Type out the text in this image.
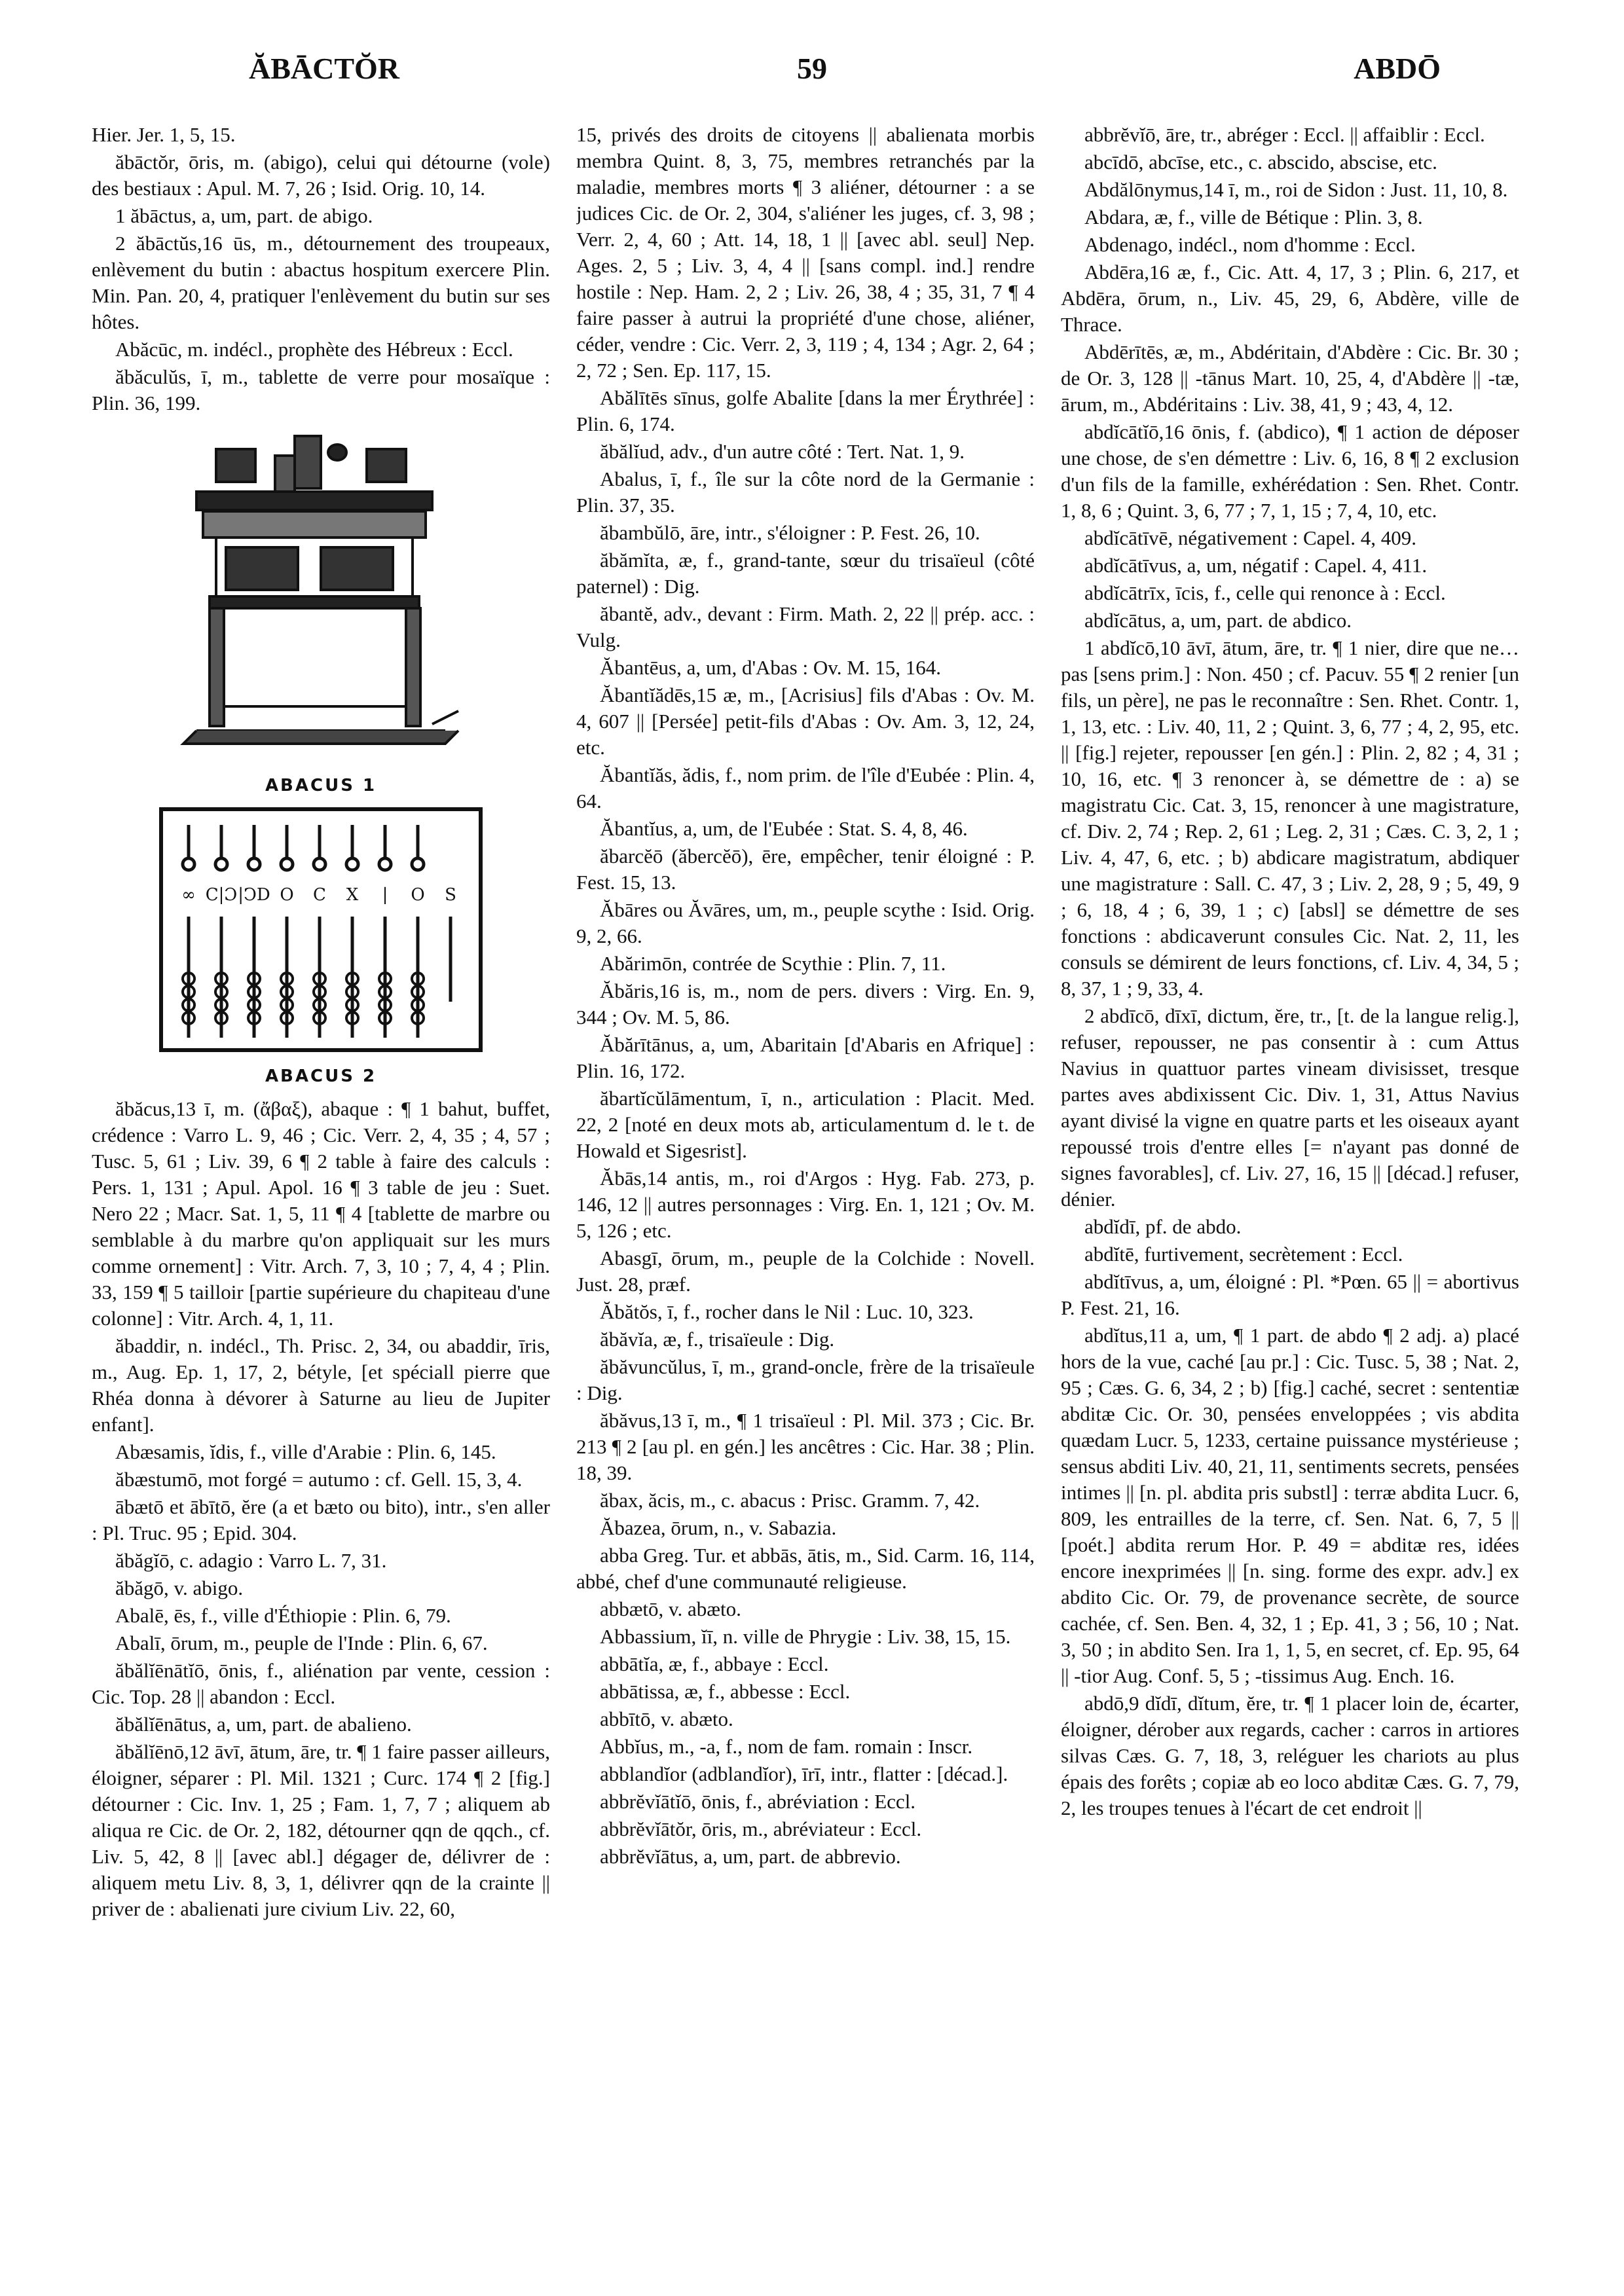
ĂBĀCTŎR	59	ABDŌ

Hier. Jer. 1, 5, 15.

ăbāctŏr, ōris, m. (abigo), celui qui détourne (vole) des bestiaux : Apul. M. 7, 26 ; Isid. Orig. 10, 14.

1 ăbāctus, a, um, part. de abigo.

2 ăbāctŭs,16 ūs, m., détournement des troupeaux, enlèvement du butin : abactus hospitum exercere Plin. Min. Pan. 20, 4, pratiquer l'enlèvement du butin sur ses hôtes.

Abăcūc, m. indécl., prophète des Hébreux : Eccl.

ăbăculŭs, ī, m., tablette de verre pour mosaïque : Plin. 36, 199.

ABACUS 1
∞ Ϲ|Ɔ |ↃD O Ϲ X | O S
ABACUS 2

ăbăcus,13 ī, m. (ἄβαξ), abaque : ¶ 1 bahut, buffet, crédence : Varro L. 9, 46 ; Cic. Verr. 2, 4, 35 ; 4, 57 ; Tusc. 5, 61 ; Liv. 39, 6 ¶ 2 table à faire des calculs : Pers. 1, 131 ; Apul. Apol. 16 ¶ 3 table de jeu : Suet. Nero 22 ; Macr. Sat. 1, 5, 11 ¶ 4 [tablette de marbre ou semblable à du marbre qu'on appliquait sur les murs comme ornement] : Vitr. Arch. 7, 3, 10 ; 7, 4, 4 ; Plin. 33, 159 ¶ 5 tailloir [partie supérieure du chapiteau d'une colonne] : Vitr. Arch. 4, 1, 11.

ăbaddir, n. indécl., Th. Prisc. 2, 34, ou abaddir, īris, m., Aug. Ep. 1, 17, 2, bétyle, [et spéciall pierre que Rhéa donna à dévorer à Saturne au lieu de Jupiter enfant].

Abæsamis, ĭdis, f., ville d'Arabie : Plin. 6, 145.

ăbæstumō, mot forgé = autumo : cf. Gell. 15, 3, 4.

ābætō et ābītō, ĕre (a et bæto ou bito), intr., s'en aller : Pl. Truc. 95 ; Epid. 304.

ăbăgĭō, c. adagio : Varro L. 7, 31.

ăbăgō, v. abigo.

Abalē, ēs, f., ville d'Éthiopie : Plin. 6, 79.

Abalī, ōrum, m., peuple de l'Inde : Plin. 6, 67.

ăbălĭēnātĭō, ōnis, f., aliénation par vente, cession : Cic. Top. 28 || abandon : Eccl.

ăbălĭēnātus, a, um, part. de abalieno.

ăbălĭēnō,12 āvī, ātum, āre, tr. ¶ 1 faire passer ailleurs, éloigner, séparer : Pl. Mil. 1321 ; Curc. 174 ¶ 2 [fig.] détourner : Cic. Inv. 1, 25 ; Fam. 1, 7, 7 ; aliquem ab aliqua re Cic. de Or. 2, 182, détourner qqn de qqch., cf. Liv. 5, 42, 8 || [avec abl.] dégager de, délivrer de : aliquem metu Liv. 8, 3, 1, délivrer qqn de la crainte || priver de : abalienati jure civium Liv. 22, 60,

15, privés des droits de citoyens || abalienata morbis membra Quint. 8, 3, 75, membres retranchés par la maladie, membres morts ¶ 3 aliéner, détourner : a se judices Cic. de Or. 2, 304, s'aliéner les juges, cf. 3, 98 ; Verr. 2, 4, 60 ; Att. 14, 18, 1 || [avec abl. seul] Nep. Ages. 2, 5 ; Liv. 3, 4, 4 || [sans compl. ind.] rendre hostile : Nep. Ham. 2, 2 ; Liv. 26, 38, 4 ; 35, 31, 7 ¶ 4 faire passer à autrui la propriété d'une chose, aliéner, céder, vendre : Cic. Verr. 2, 3, 119 ; 4, 134 ; Agr. 2, 64 ; 2, 72 ; Sen. Ep. 117, 15.

Abălītēs sīnus, golfe Abalite [dans la mer Érythrée] : Plin. 6, 174.

ăbălĭud, adv., d'un autre côté : Tert. Nat. 1, 9.

Abalus, ī, f., île sur la côte nord de la Germanie : Plin. 37, 35.

ăbambŭlō, āre, intr., s'éloigner : P. Fest. 26, 10.

ăbămĭta, æ, f., grand-tante, sœur du trisaïeul (côté paternel) : Dig.

ăbantĕ, adv., devant : Firm. Math. 2, 22 || prép. acc. : Vulg.

Ăbantēus, a, um, d'Abas : Ov. M. 15, 164.

Ăbantĭădēs,15 æ, m., [Acrisius] fils d'Abas : Ov. M. 4, 607 || [Persée] petit-fils d'Abas : Ov. Am. 3, 12, 24, etc.

Ăbantĭăs, ădis, f., nom prim. de l'île d'Eubée : Plin. 4, 64.

Ăbantĭus, a, um, de l'Eubée : Stat. S. 4, 8, 46.

ăbarcĕō (ăbercĕō), ēre, empêcher, tenir éloigné : P. Fest. 15, 13.

Ăbāres ou Ăvāres, um, m., peuple scythe : Isid. Orig. 9, 2, 66.

Abărimōn, contrée de Scythie : Plin. 7, 11.

Ăbăris,16 is, m., nom de pers. divers : Virg. En. 9, 344 ; Ov. M. 5, 86.

Ăbărītānus, a, um, Abaritain [d'Abaris en Afrique] : Plin. 16, 172.

ăbartĭcŭlāmentum, ī, n., articulation : Placit. Med. 22, 2 [noté en deux mots ab, articulamentum d. le t. de Howald et Sigesrist].

Ăbās,14 antis, m., roi d'Argos : Hyg. Fab. 273, p. 146, 12 || autres personnages : Virg. En. 1, 121 ; Ov. M. 5, 126 ; etc.

Abasgī, ōrum, m., peuple de la Colchide : Novell. Just. 28, præf.

Ăbătŏs, ī, f., rocher dans le Nil : Luc. 10, 323.

ăbăvĭa, æ, f., trisaïeule : Dig.

ăbăvuncŭlus, ī, m., grand-oncle, frère de la trisaïeule : Dig.

ăbăvus,13 ī, m., ¶ 1 trisaïeul : Pl. Mil. 373 ; Cic. Br. 213 ¶ 2 [au pl. en gén.] les ancêtres : Cic. Har. 38 ; Plin. 18, 39.

ăbax, ăcis, m., c. abacus : Prisc. Gramm. 7, 42.

Ăbazea, ōrum, n., v. Sabazia.

abba Greg. Tur. et abbās, ātis, m., Sid. Carm. 16, 114, abbé, chef d'une communauté religieuse.

abbætō, v. abæto.

Abbassium, ĭī, n. ville de Phrygie : Liv. 38, 15, 15.

abbātĭa, æ, f., abbaye : Eccl.

abbātissa, æ, f., abbesse : Eccl.

abbītō, v. abæto.

Abbĭus, m., -a, f., nom de fam. romain : Inscr.

abblandĭor (adblandĭor), īrī, intr., flatter : [décad.].

abbrĕvĭātĭō, ōnis, f., abréviation : Eccl.

abbrĕvĭātŏr, ōris, m., abréviateur : Eccl.

abbrĕvĭātus, a, um, part. de abbrevio.

abbrĕvĭō, āre, tr., abréger : Eccl. || affaiblir : Eccl.

abcīdō, abcīse, etc., c. abscido, abscise, etc.

Abdălōnymus,14 ī, m., roi de Sidon : Just. 11, 10, 8.

Abdara, æ, f., ville de Bétique : Plin. 3, 8.

Abdenago, indécl., nom d'homme : Eccl.

Abdēra,16 æ, f., Cic. Att. 4, 17, 3 ; Plin. 6, 217, et Abdēra, ōrum, n., Liv. 45, 29, 6, Abdère, ville de Thrace.

Abdērītēs, æ, m., Abdéritain, d'Abdère : Cic. Br. 30 ; de Or. 3, 128 || -tānus Mart. 10, 25, 4, d'Abdère || -tæ, ārum, m., Abdéritains : Liv. 38, 41, 9 ; 43, 4, 12.

abdĭcātĭō,16 ōnis, f. (abdico), ¶ 1 action de déposer une chose, de s'en démettre : Liv. 6, 16, 8 ¶ 2 exclusion d'un fils de la famille, exhérédation : Sen. Rhet. Contr. 1, 8, 6 ; Quint. 3, 6, 77 ; 7, 1, 15 ; 7, 4, 10, etc.

abdĭcātīvē, négativement : Capel. 4, 409.

abdĭcātīvus, a, um, négatif : Capel. 4, 411.

abdĭcātrīx, īcis, f., celle qui renonce à : Eccl.

abdĭcātus, a, um, part. de abdico.

1 abdĭcō,10 āvī, ātum, āre, tr. ¶ 1 nier, dire que ne… pas [sens prim.] : Non. 450 ; cf. Pacuv. 55 ¶ 2 renier [un fils, un père], ne pas le reconnaître : Sen. Rhet. Contr. 1, 1, 13, etc. : Liv. 40, 11, 2 ; Quint. 3, 6, 77 ; 4, 2, 95, etc. || [fig.] rejeter, repousser [en gén.] : Plin. 2, 82 ; 4, 31 ; 10, 16, etc. ¶ 3 renoncer à, se démettre de : a) se magistratu Cic. Cat. 3, 15, renoncer à une magistrature, cf. Div. 2, 74 ; Rep. 2, 61 ; Leg. 2, 31 ; Cæs. C. 3, 2, 1 ; Liv. 4, 47, 6, etc. ; b) abdicare magistratum, abdiquer une magistrature : Sall. C. 47, 3 ; Liv. 2, 28, 9 ; 5, 49, 9 ; 6, 18, 4 ; 6, 39, 1 ; c) [absl] se démettre de ses fonctions : abdicaverunt consules Cic. Nat. 2, 11, les consuls se démirent de leurs fonctions, cf. Liv. 4, 34, 5 ; 8, 37, 1 ; 9, 33, 4.

2 abdīcō, dīxī, dictum, ĕre, tr., [t. de la langue relig.], refuser, repousser, ne pas consentir à : cum Attus Navius in quattuor partes vineam divisisset, tresque partes aves abdixissent Cic. Div. 1, 31, Attus Navius ayant divisé la vigne en quatre parts et les oiseaux ayant repoussé trois d'entre elles [= n'ayant pas donné de signes favorables], cf. Liv. 27, 16, 15 || [décad.] refuser, dénier.

abdĭdī, pf. de abdo.

abdĭtē, furtivement, secrètement : Eccl.

abdĭtīvus, a, um, éloigné : Pl. *Pœn. 65 || = abortivus P. Fest. 21, 16.

abdĭtus,11 a, um, ¶ 1 part. de abdo ¶ 2 adj. a) placé hors de la vue, caché [au pr.] : Cic. Tusc. 5, 38 ; Nat. 2, 95 ; Cæs. G. 6, 34, 2 ; b) [fig.] caché, secret : sententiæ abditæ Cic. Or. 30, pensées enveloppées ; vis abdita quædam Lucr. 5, 1233, certaine puissance mystérieuse ; sensus abditi Liv. 40, 21, 11, sentiments secrets, pensées intimes || [n. pl. abdita pris substl] : terræ abdita Lucr. 6, 809, les entrailles de la terre, cf. Sen. Nat. 6, 7, 5 || [poét.] abdita rerum Hor. P. 49 = abditæ res, idées encore inexprimées || [n. sing. forme des expr. adv.] ex abdito Cic. Or. 79, de provenance secrète, de source cachée, cf. Sen. Ben. 4, 32, 1 ; Ep. 41, 3 ; 56, 10 ; Nat. 3, 50 ; in abdito Sen. Ira 1, 1, 5, en secret, cf. Ep. 95, 64 || -tior Aug. Conf. 5, 5 ; -tissimus Aug. Ench. 16.

abdō,9 dĭdī, dĭtum, ĕre, tr. ¶ 1 placer loin de, écarter, éloigner, dérober aux regards, cacher : carros in artiores silvas Cæs. G. 7, 18, 3, reléguer les chariots au plus épais des forêts ; copiæ ab eo loco abditæ Cæs. G. 7, 79, 2, les troupes tenues à l'écart de cet endroit ||
